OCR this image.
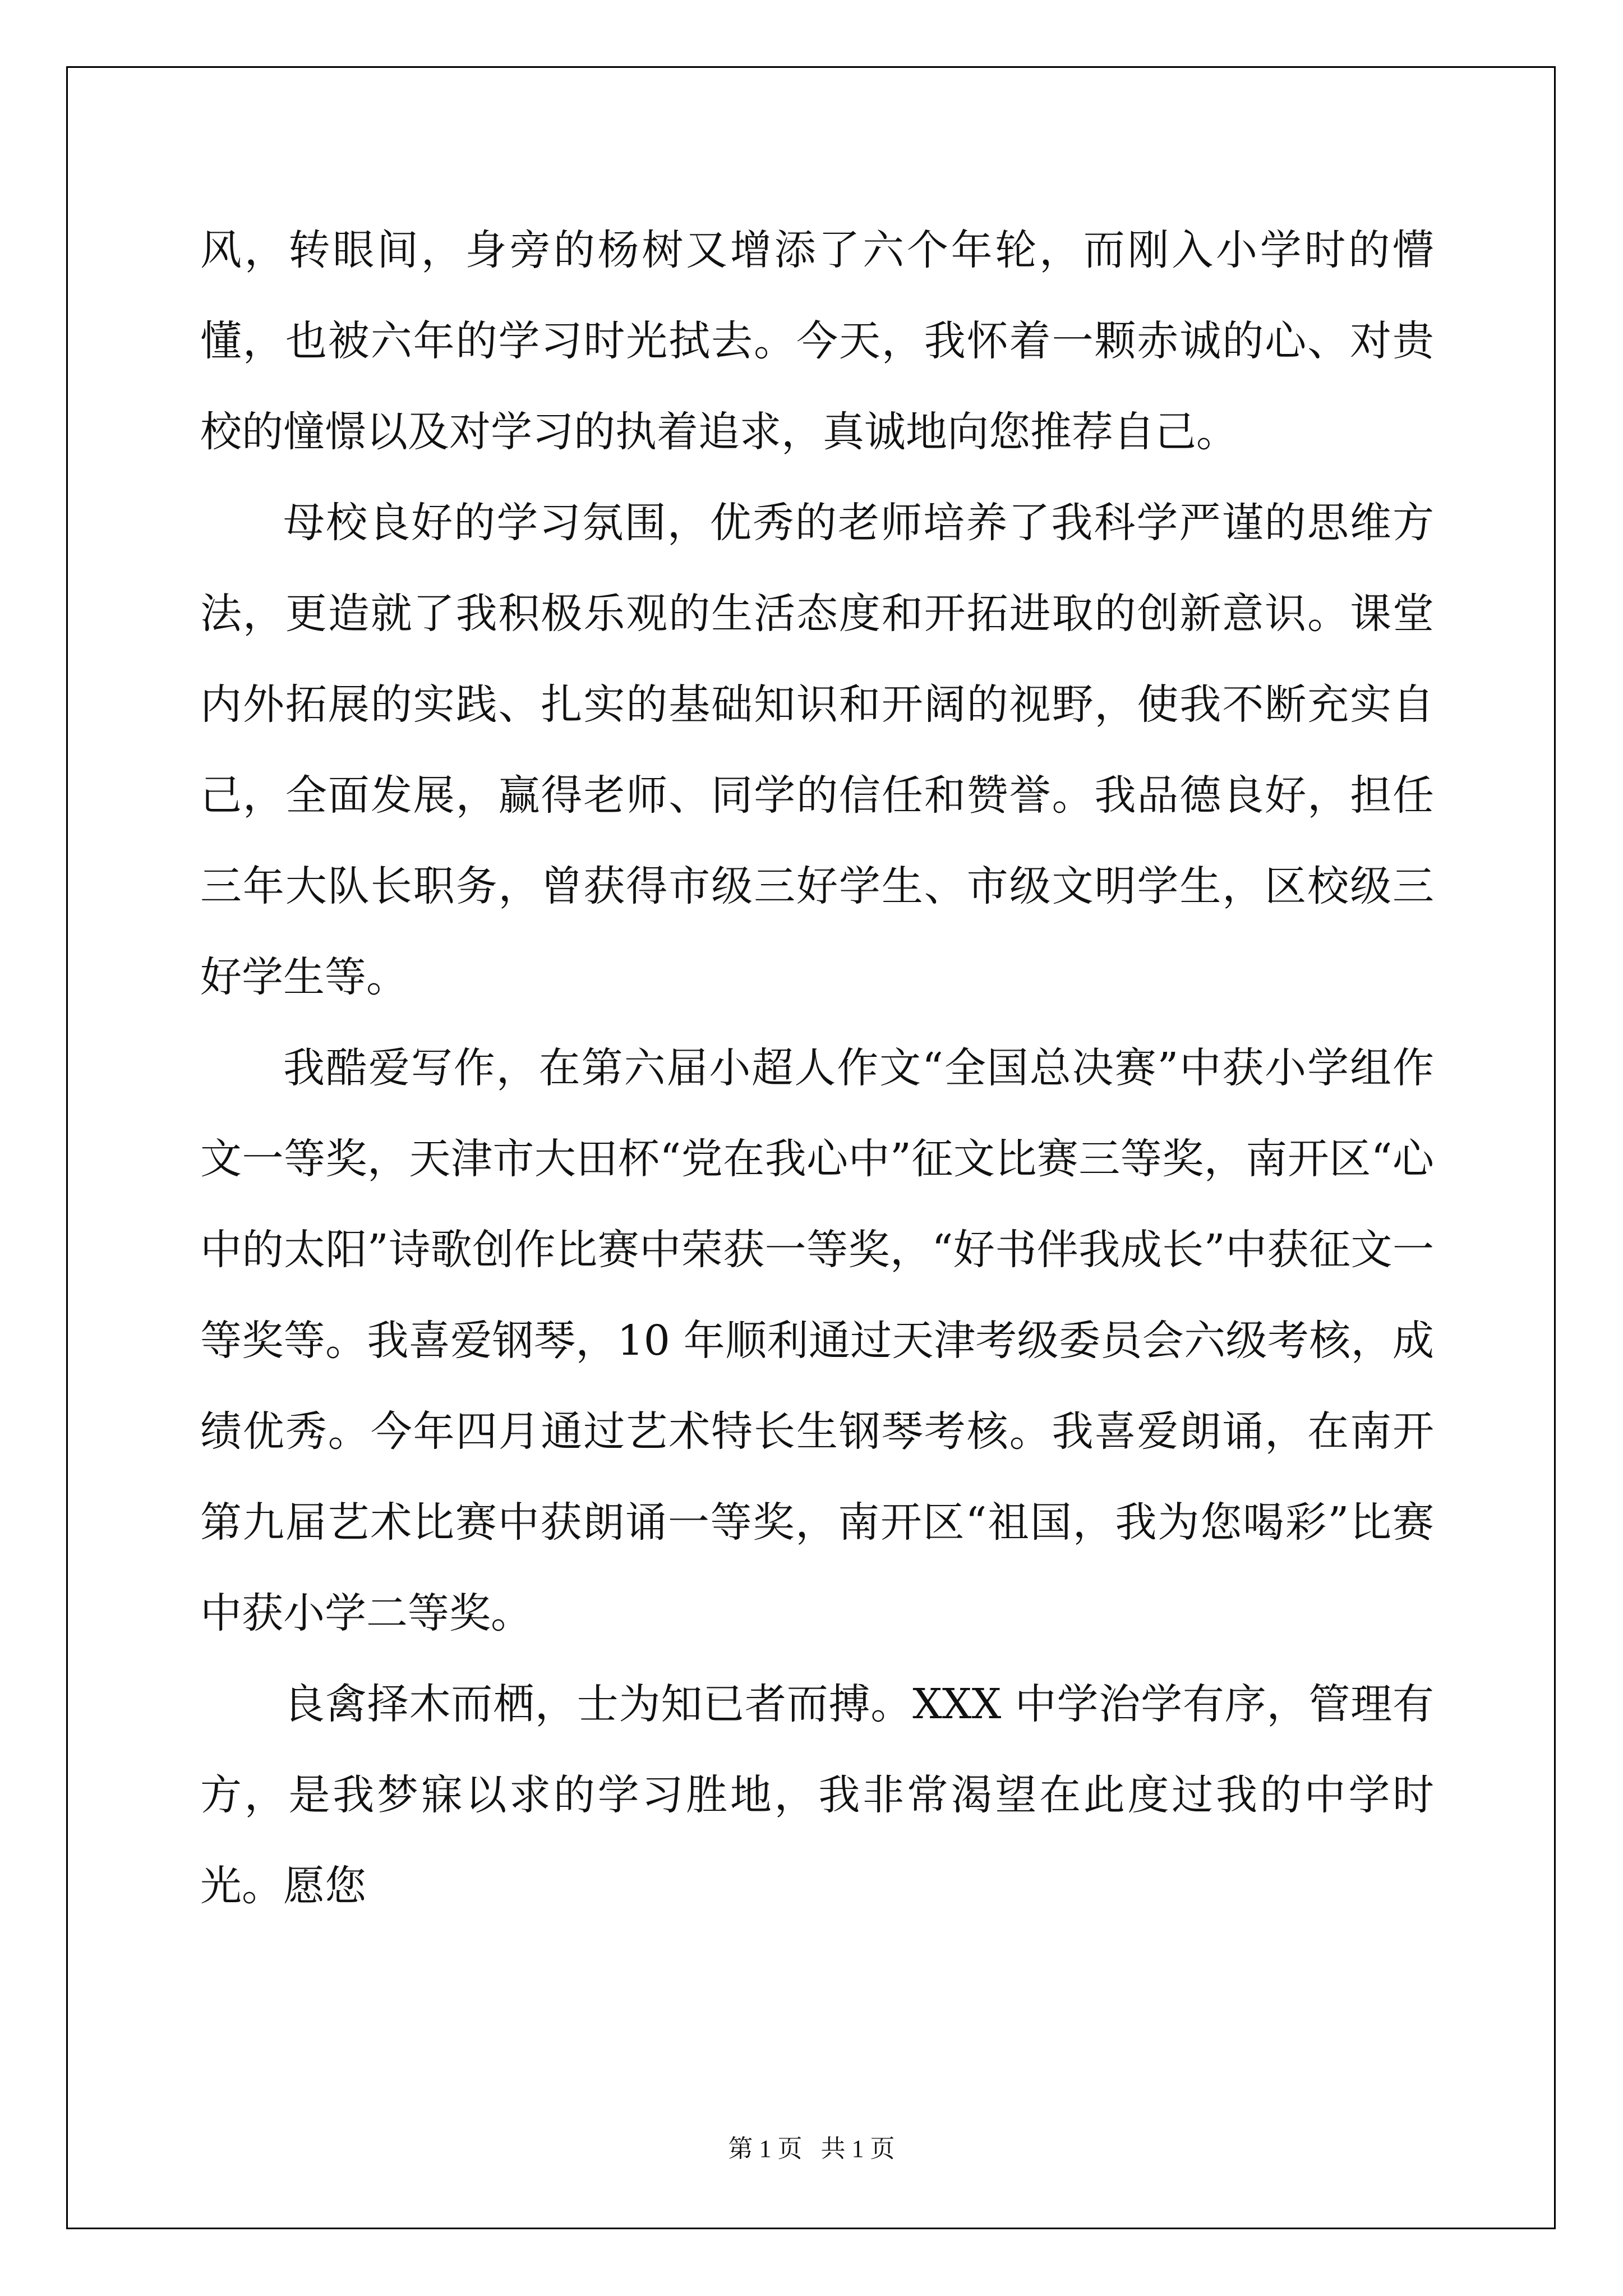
风，转眼间，身旁的杨树又增添了六个年轮，而刚入小学时的懵懂，也被六年的学习时光拭去。今天，我怀着一颗赤诚的心、对贵校的憧憬以及对学习的执着追求，真诚地向您推荐自己。

母校良好的学习氛围，优秀的老师培养了我科学严谨的思维方法，更造就了我积极乐观的生活态度和开拓进取的创新意识。课堂内外拓展的实践、扎实的基础知识和开阔的视野，使我不断充实自己，全面发展，赢得老师、同学的信任和赞誉。我品德良好，担任三年大队长职务，曾获得市级三好学生、市级文明学生，区校级三好学生等。

我酷爱写作，在第六届小超人作文“全国总决赛”中获小学组作文一等奖，天津市大田杯“党在我心中”征文比赛三等奖，南开区“心中的太阳”诗歌创作比赛中荣获一等奖，“好书伴我成长”中获征文一等奖等。我喜爱钢琴，10 年顺利通过天津考级委员会六级考核，成绩优秀。今年四月通过艺术特长生钢琴考核。我喜爱朗诵，在南开第九届艺术比赛中获朗诵一等奖，南开区“祖国，我为您喝彩”比赛中获小学二等奖。

良禽择木而栖，士为知已者而搏。XXX 中学治学有序，管理有方，是我梦寐以求的学习胜地，我非常渴望在此度过我的中学时光。愿您

第 1 页   共 1 页
